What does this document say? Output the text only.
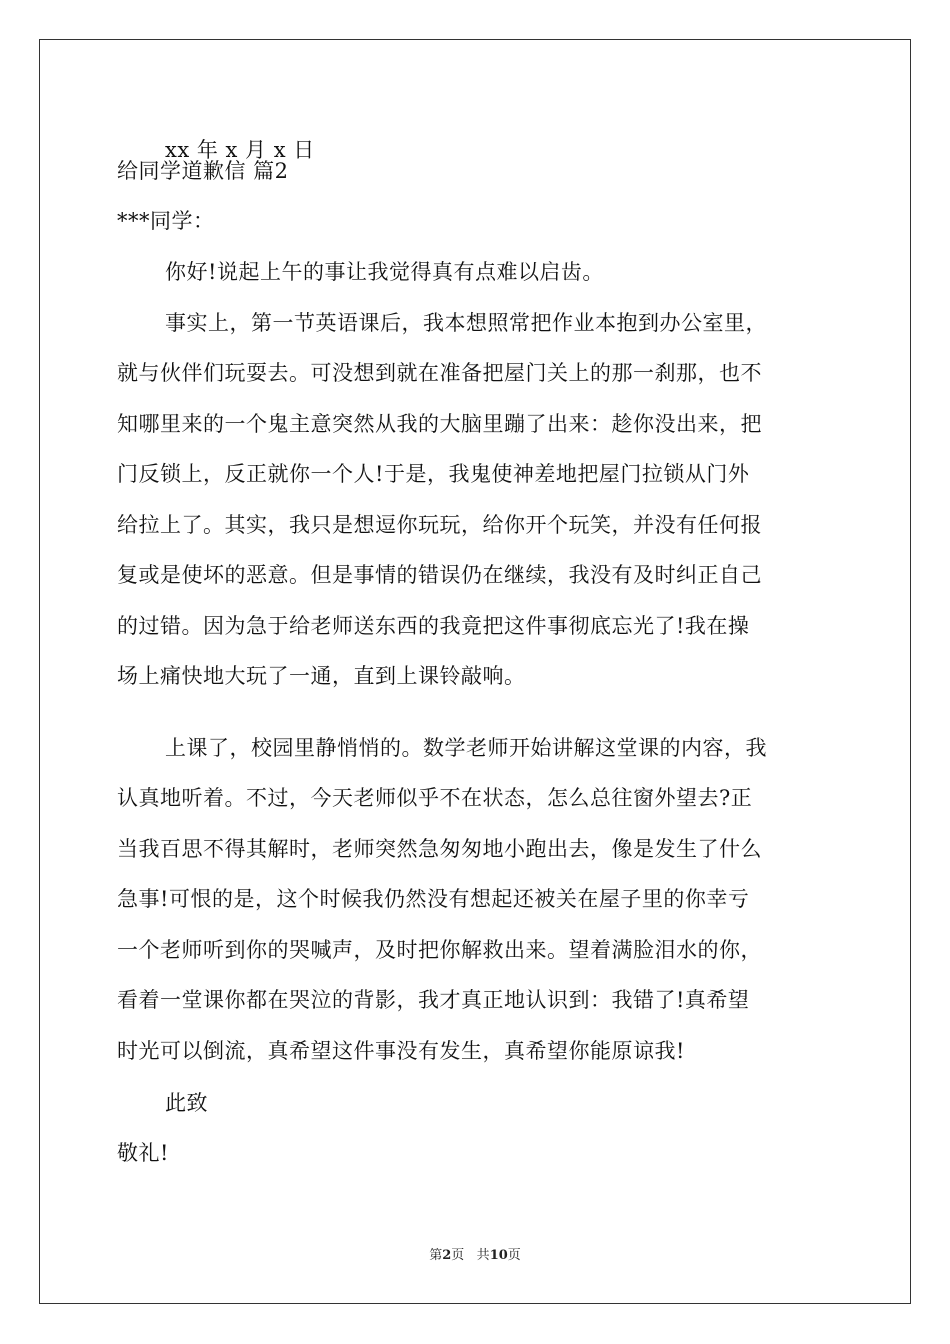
xx 年 x 月 x 日
给同学道歉信 篇2
***同学：
你好!说起上午的事让我觉得真有点难以启齿。
事实上，第一节英语课后，我本想照常把作业本抱到办公室里，
就与伙伴们玩耍去。可没想到就在准备把屋门关上的那一刹那，也不
知哪里来的一个鬼主意突然从我的大脑里蹦了出来：趁你没出来，把
门反锁上，反正就你一个人!于是，我鬼使神差地把屋门拉锁从门外
给拉上了。其实，我只是想逗你玩玩，给你开个玩笑，并没有任何报
复或是使坏的恶意。但是事情的错误仍在继续，我没有及时纠正自己
的过错。因为急于给老师送东西的我竟把这件事彻底忘光了!我在操
场上痛快地大玩了一通，直到上课铃敲响。
上课了，校园里静悄悄的。数学老师开始讲解这堂课的内容，我
认真地听着。不过，今天老师似乎不在状态，怎么总往窗外望去?正
当我百思不得其解时，老师突然急匆匆地小跑出去，像是发生了什么
急事!可恨的是，这个时候我仍然没有想起还被关在屋子里的你幸亏
一个老师听到你的哭喊声，及时把你解救出来。望着满脸泪水的你，
看着一堂课你都在哭泣的背影，我才真正地认识到：我错了!真希望
时光可以倒流，真希望这件事没有发生，真希望你能原谅我!
此致
敬礼!
第2页 共10页
